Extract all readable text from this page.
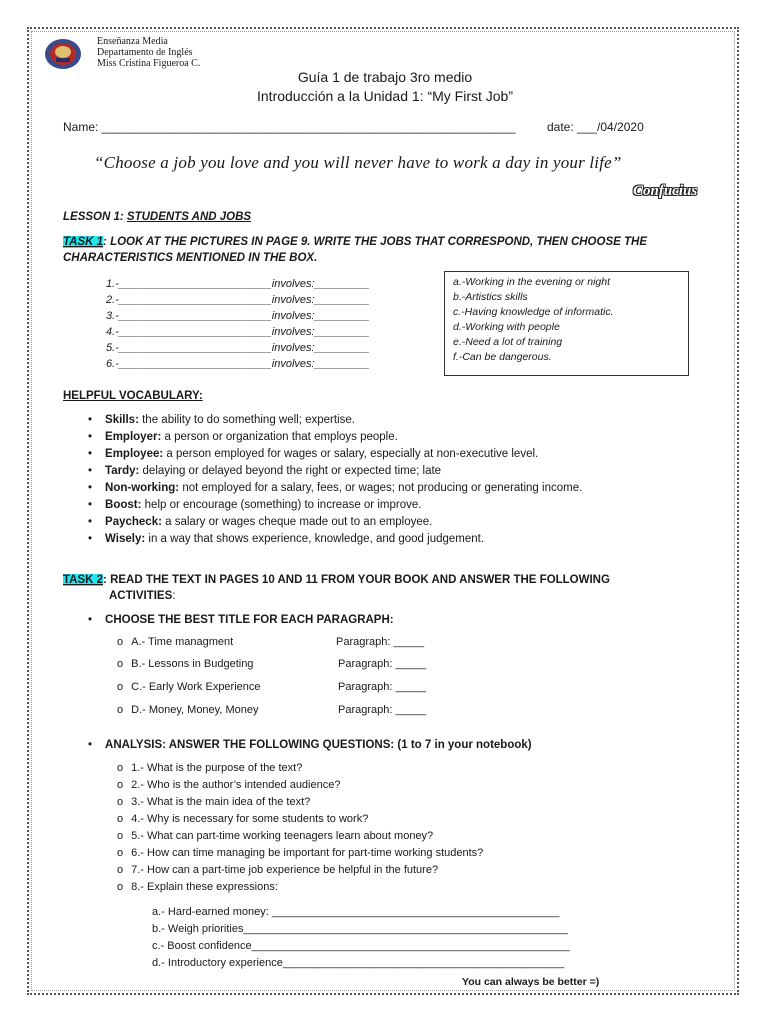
Enseñanza Media
Departamento de Inglés
Miss Cristina Figueroa C.
Guía 1 de trabajo 3ro medio
Introducción a la Unidad 1: “My First Job”
Name: ______________________________________________________________	date: ___/04/2020
“Choose a job you love and you will never have to work a day in your life”
Confucius
LESSON 1: STUDENTS AND JOBS
TASK 1: LOOK AT THE PICTURES IN PAGE 9. WRITE THE JOBS THAT CORRESPOND, THEN CHOOSE THE
CHARACTERISTICS MENTIONED IN THE BOX.
1.-_________________________involves:_________
2.-_________________________involves:_________
3.-_________________________involves:_________
4.-_________________________involves:_________
5.-_________________________involves:_________
6.-_________________________involves:_________
a.-Working in the evening or night
b.-Artistics skills
c.-Having knowledge of informatic.
d.-Working with people
e.-Need a lot of training
f.-Can be dangerous.
HELPFUL VOCABULARY:
• Skills: the ability to do something well; expertise.
• Employer: a person or organization that employs people.
• Employee: a person employed for wages or salary, especially at non-executive level.
• Tardy: delaying or delayed beyond the right or expected time; late
• Non-working: not employed for a salary, fees, or wages; not producing or generating income.
• Boost: help or encourage (something) to increase or improve.
• Paycheck: a salary or wages cheque made out to an employee.
• Wisely: in a way that shows experience, knowledge, and good judgement.
TASK 2: READ THE TEXT IN PAGES 10 AND 11 FROM YOUR BOOK AND ANSWER THE FOLLOWING
ACTIVITIES:
• CHOOSE THE BEST TITLE FOR EACH PARAGRAPH:
o A.- Time managment	Paragraph: _____
o B.- Lessons in Budgeting	Paragraph: _____
o C.- Early Work Experience	Paragraph: _____
o D.- Money, Money, Money	Paragraph: _____
• ANALYSIS: ANSWER THE FOLLOWING QUESTIONS: (1 to 7 in your notebook)
o 1.- What is the purpose of the text?
o 2.- Who is the author’s intended audience?
o 3.- What is the main idea of the text?
o 4.- Why is necessary for some students to work?
o 5.- What can part-time working teenagers learn about money?
o 6.- How can time managing be important for part-time working students?
o 7.- How can a part-time job experience be helpful in the future?
o 8.- Explain these expressions:
a.- Hard-earned money: _______________________________________________
b.- Weigh priorities_____________________________________________________
c.- Boost confidence____________________________________________________
d.- Introductory experience______________________________________________
You can always be better =)
